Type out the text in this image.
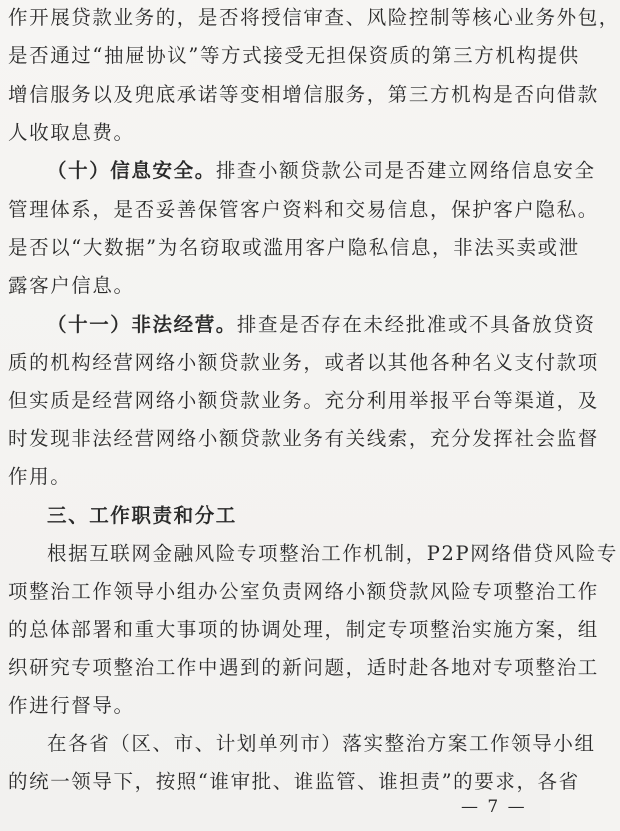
作开展贷款业务的，是否将授信审查、风险控制等核心业务外包，
是否通过“抽屉协议”等方式接受无担保资质的第三方机构提供
增信服务以及兜底承诺等变相增信服务，第三方机构是否向借款
人收取息费。
（十）信息安全。排查小额贷款公司是否建立网络信息安全
管理体系，是否妥善保管客户资料和交易信息，保护客户隐私。
是否以“大数据”为名窃取或滥用客户隐私信息，非法买卖或泄
露客户信息。
（十一）非法经营。排查是否存在未经批准或不具备放贷资
质的机构经营网络小额贷款业务，或者以其他各种名义支付款项
但实质是经营网络小额贷款业务。充分利用举报平台等渠道，及
时发现非法经营网络小额贷款业务有关线索，充分发挥社会监督
作用。
三、工作职责和分工
根据互联网金融风险专项整治工作机制，P2P网络借贷风险专
项整治工作领导小组办公室负责网络小额贷款风险专项整治工作
的总体部署和重大事项的协调处理，制定专项整治实施方案，组
织研究专项整治工作中遇到的新问题，适时赴各地对专项整治工
作进行督导。
在各省（区、市、计划单列市）落实整治方案工作领导小组
的统一领导下，按照“谁审批、谁监管、谁担责”的要求，各省
— 7 —
